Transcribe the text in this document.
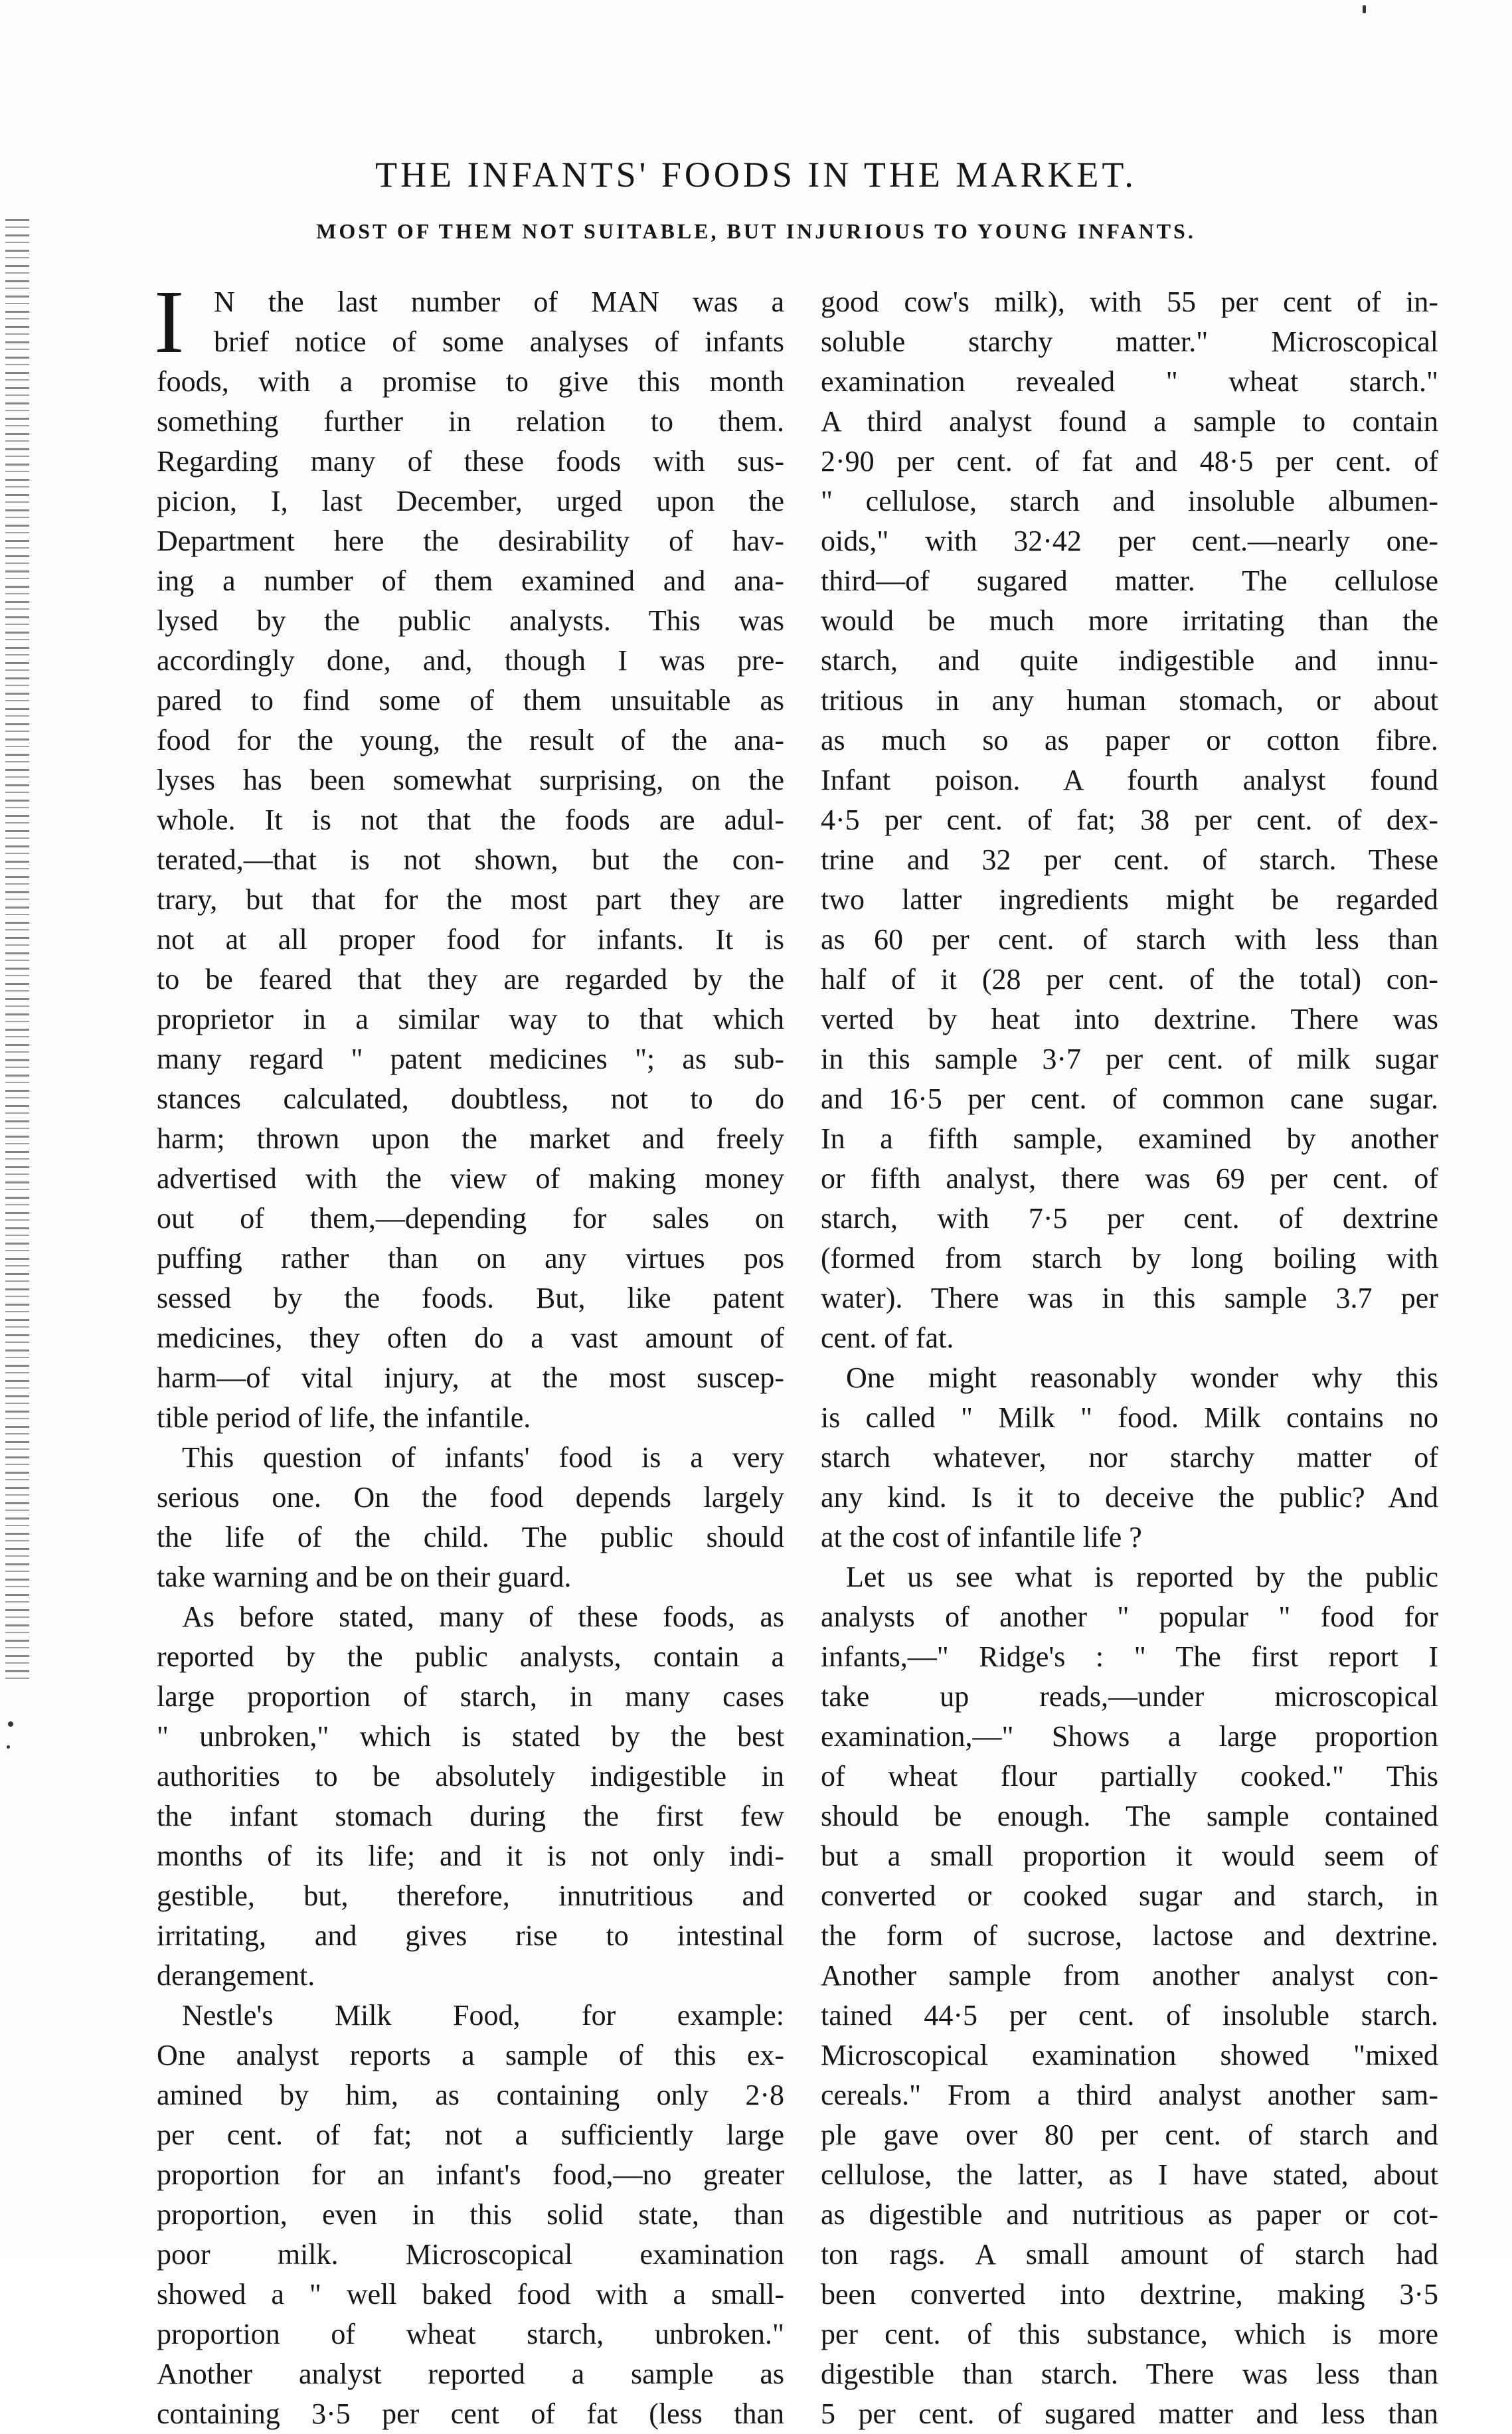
THE INFANTS' FOODS IN THE MARKET.
MOST OF THEM NOT SUITABLE, BUT INJURIOUS TO YOUNG INFANTS.
I	N the last number of MAN was a
brief notice of some analyses of infants
foods, with a promise to give this month
something further in relation to them.
Regarding many of these foods with sus-
picion, I, last December, urged upon the
Department here the desirability of hav-
ing a number of them examined and ana-
lysed by the public analysts. This was
accordingly done, and, though I was pre-
pared to find some of them unsuitable as
food for the young, the result of the ana-
lyses has been somewhat surprising, on the
whole. It is not that the foods are adul-
terated,—that is not shown, but the con-
trary, but that for the most part they are
not at all proper food for infants. It is
to be feared that they are regarded by the
proprietor in a similar way to that which
many regard " patent medicines "; as sub-
stances calculated, doubtless, not to do
harm; thrown upon the market and freely
advertised with the view of making money
out of them,—depending for sales on
puffing rather than on any virtues pos
sessed by the foods. But, like patent
medicines, they often do a vast amount of
harm—of vital injury, at the most suscep-
tible period of life, the infantile.
This question of infants' food is a very
serious one. On the food depends largely
the life of the child. The public should
take warning and be on their guard.
As before stated, many of these foods, as
reported by the public analysts, contain a
large proportion of starch, in many cases
" unbroken," which is stated by the best
authorities to be absolutely indigestible in
the infant stomach during the first few
months of its life; and it is not only indi-
gestible, but, therefore, innutritious and
irritating, and gives rise to intestinal
derangement.
Nestle's Milk Food, for example:
One analyst reports a sample of this ex-
amined by him, as containing only 2·8
per cent. of fat; not a sufficiently large
proportion for an infant's food,—no greater
proportion, even in this solid state, than
poor milk. Microscopical examination
showed a " well baked food with a small-
proportion of wheat starch, unbroken."
Another analyst reported a sample as
containing 3·5 per cent of fat (less than
good cow's milk), with 55 per cent of in-
soluble starchy matter." Microscopical
examination revealed " wheat starch."
A third analyst found a sample to contain
2·90 per cent. of fat and 48·5 per cent. of
" cellulose, starch and insoluble albumen-
oids," with 32·42 per cent.—nearly one-
third—of sugared matter. The cellulose
would be much more irritating than the
starch, and quite indigestible and innu-
tritious in any human stomach, or about
as much so as paper or cotton fibre.
Infant poison. A fourth analyst found
4·5 per cent. of fat; 38 per cent. of dex-
trine and 32 per cent. of starch. These
two latter ingredients might be regarded
as 60 per cent. of starch with less than
half of it (28 per cent. of the total) con-
verted by heat into dextrine. There was
in this sample 3·7 per cent. of milk sugar
and 16·5 per cent. of common cane sugar.
In a fifth sample, examined by another
or fifth analyst, there was 69 per cent. of
starch, with 7·5 per cent. of dextrine
(formed from starch by long boiling with
water). There was in this sample 3.7 per
cent. of fat.
One might reasonably wonder why this
is called " Milk " food. Milk contains no
starch whatever, nor starchy matter of
any kind. Is it to deceive the public? And
at the cost of infantile life ?
Let us see what is reported by the public
analysts of another " popular " food for
infants,—" Ridge's : " The first report I
take up reads,—under microscopical
examination,—" Shows a large proportion
of wheat flour partially cooked." This
should be enough. The sample contained
but a small proportion it would seem of
converted or cooked sugar and starch, in
the form of sucrose, lactose and dextrine.
Another sample from another analyst con-
tained 44·5 per cent. of insoluble starch.
Microscopical examination showed "mixed
cereals." From a third analyst another sam-
ple gave over 80 per cent. of starch and
cellulose, the latter, as I have stated, about
as digestible and nutritious as paper or cot-
ton rags. A small amount of starch had
been converted into dextrine, making 3·5
per cent. of this substance, which is more
digestible than starch. There was less than
5 per cent. of sugared matter and less than
